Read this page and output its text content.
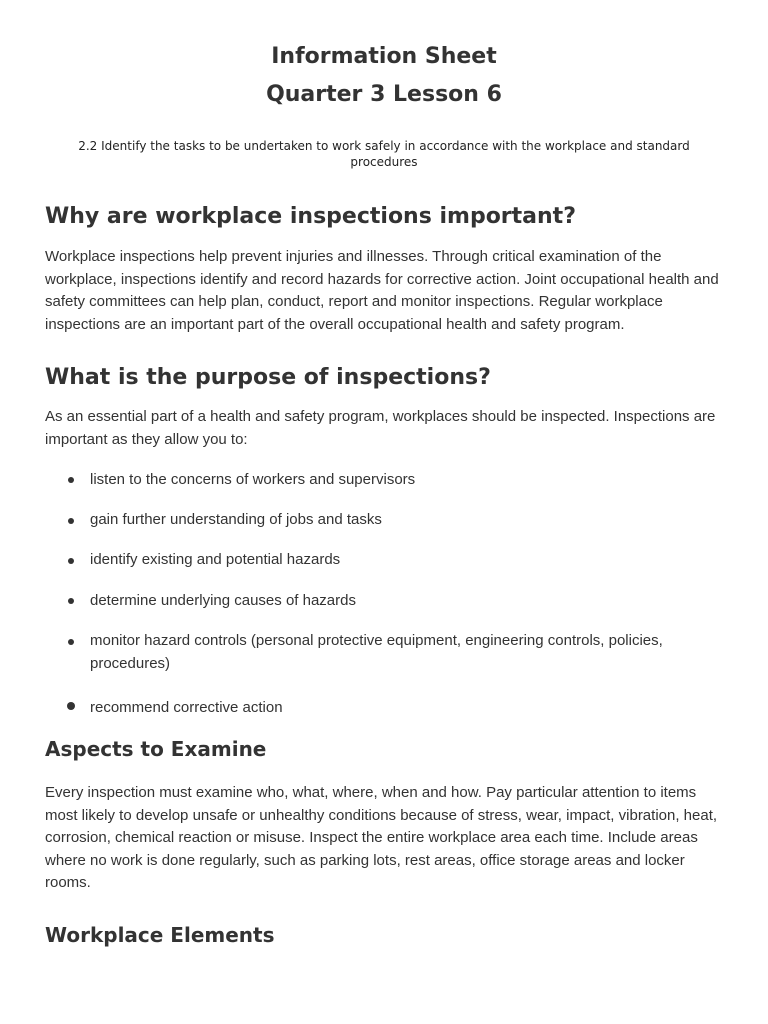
Information Sheet
Quarter 3 Lesson 6

2.2 Identify the tasks to be undertaken to work safely in accordance with the workplace and standard procedures

Why are workplace inspections important?

Workplace inspections help prevent injuries and illnesses. Through critical examination of the workplace, inspections identify and record hazards for corrective action. Joint occupational health and safety committees can help plan, conduct, report and monitor inspections. Regular workplace inspections are an important part of the overall occupational health and safety program.

What is the purpose of inspections?

As an essential part of a health and safety program, workplaces should be inspected. Inspections are important as they allow you to:

listen to the concerns of workers and supervisors
gain further understanding of jobs and tasks
identify existing and potential hazards
determine underlying causes of hazards
monitor hazard controls (personal protective equipment, engineering controls, policies, procedures)
recommend corrective action
Aspects to Examine

Every inspection must examine who, what, where, when and how. Pay particular attention to items most likely to develop unsafe or unhealthy conditions because of stress, wear, impact, vibration, heat, corrosion, chemical reaction or misuse. Inspect the entire workplace area each time. Include areas where no work is done regularly, such as parking lots, rest areas, office storage areas and locker rooms.

Workplace Elements
